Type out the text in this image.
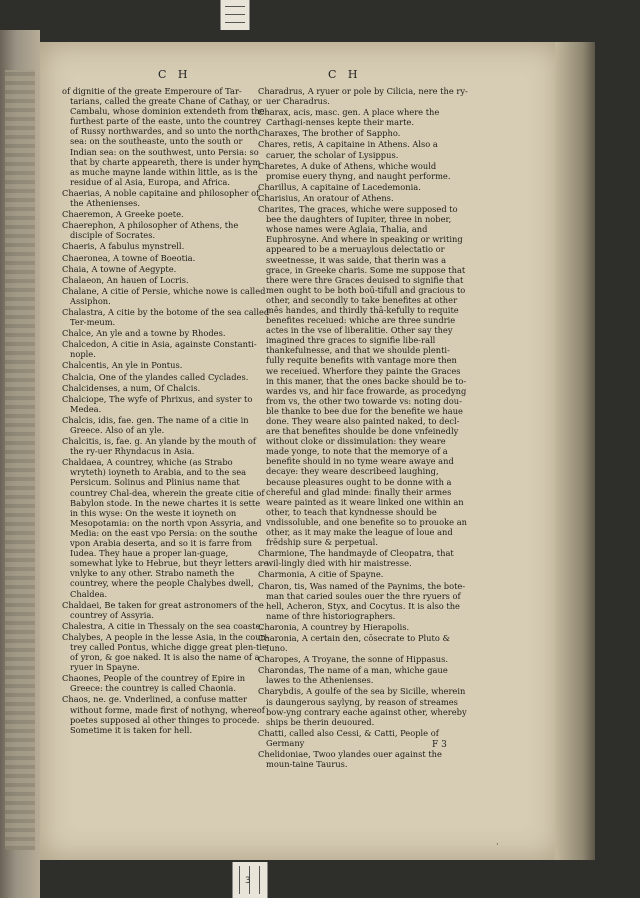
C H	C H
of dignitie of the greate Emperoure of Tar-tarians, called the greate Chane of Cathay, or Cambalu, whose dominion extendeth from the furthest parte of the easte, unto the countrey of Russy northwardes, and so unto the north sea: on the southeaste, unto the south or Indian sea: on the southwest, unto Persia: so that by charte appeareth, there is under hym as muche mayne lande within little, as is the residue of al Asia, Europa, and Africa.
Chaerias, A noble capitaine and philosopher of the Athenienses.
Chaeremon, A Greeke poete.
Chaerephon, A philosopher of Athens, the disciple of Socrates.
Chaeris, A fabulus mynstrell.
Chaeronea, A towne of Boeotia.
Chaia, A towne of Aegypte.
Chalaeon, An hauen of Locris.
Chalane, A citie of Persie, whiche nowe is called Assiphon.
Chalastra, A citie by the botome of the sea called Ter-meum.
Chalce, An yle and a towne by Rhodes.
Chalcedon, A citie in Asia, againste Constanti-nople.
Chalcentis, An yle in Pontus.
Chalcia, One of the ylandes called Cyclades.
Chalcidenses, a num, Of Chalcis.
Chalciope, The wyfe of Phrixus, and syster to Medea.
Chalcis, idis, fae. gen. The name of a citie in Greece. Also of an yle.
Chalcitis, is, fae. g. An ylande by the mouth of the ry-uer Rhyndacus in Asia.
Chaldaea, A countrey, whiche (as Strabo wryteth) ioyneth to Arabia, and to the sea Persicum. Solinus and Plinius name that countrey Chal-dea, wherein the greate citie of Babylon stode. In the newe chartes it is sette in this wyse: On the weste it ioyneth on Mesopotamia: on the north vpon Assyria, and Media: on the east vpo Persia: on the southe vpon Arabia deserta, and so it is farre from Iudea. They haue a proper lan-guage, somewhat lyke to Hebrue, but theyr letters are vnlyke to any other. Strabo nameth the countrey, where the people Chalybes dwell, Chaldea.
Chaldaei, Be taken for great astronomers of the countrey of Assyria.
Chalestra, A citie in Thessaly on the sea coaste.
Chalybes, A people in the lesse Asia, in the coun-trey called Pontus, whiche digge great plen-tie of yron, & goe naked. It is also the name of a ryuer in Spayne.
Chaones, People of the countrey of Epire in Greece: the countrey is called Chaonia.
Chaos, ne. ge. Vnderlined, a confuse matter without forme, made first of nothyng, whereof poetes supposed al other thinges to procede. Sometime it is taken for hell.
Charadrus, A ryuer or pole by Cilicia, nere the ry-uer Charadrus.
Charax, acis, masc. gen. A place where the Carthagi-nenses kepte their marte.
Charaxes, The brother of Sappho.
Chares, retis, A capitaine in Athens. Also a caruer, the scholar of Lysippus.
Charetes, A duke of Athens, whiche would promise euery thyng, and naught performe.
Charillus, A capitaine of Lacedemonia.
Charisius, An oratour of Athens.
Charites, The graces, whiche were supposed to bee the daughters of Iupiter, three in nober, whose names were Aglaia, Thalia, and Euphrosyne. And where in speaking or writing appeared to be a meruaylous delectatio or sweetnesse, it was saide, that therin was a grace, in Greeke charis. Some me suppose that there were thre Graces deuised to signifie that men ought to be both boū-tifull and gracious to other, and secondly to take benefites at other mēs handes, and thirdly thā-kefully to requite benefites receiued: whiche are three sundrie actes in the vse of liberalitie. Other say they imagined thre graces to signifie libe-rall thankefulnesse, and that we shoulde plenti-fully requite benefits with vantage more then we receiued. Wherfore they painte the Graces in this maner, that the ones backe should be to-wardes vs, and hir face frowarde, as procedyng from vs, the other two towarde vs: noting dou-ble thanke to bee due for the benefite we haue done. They weare also painted naked, to decl-are that benefites shoulde be done vnfeinedly without cloke or dissimulation: they weare made yonge, to note that the memorye of a benefite should in no tyme weare awaye and decaye: they weare describeed laughing, because pleasures ought to be donne with a chereful and glad minde: finally their armes weare painted as it weare linked one within an other, to teach that kyndnesse should be vndissoluble, and one benefite so to prouoke an other, as it may make the league of loue and frēdship sure & perpetual.
Charmione, The handmayde of Cleopatra, that wil-lingly died with hir maistresse.
Charmonia, A citie of Spayne.
Charon, tis, Was named of the Paynims, the bote-man that caried soules ouer the thre ryuers of hell, Acheron, Styx, and Cocytus. It is also the name of thre historiographers.
Charonia, A countrey by Hierapolis.
Charonia, A certain den, cōsecrate to Pluto & Iuno.
Charopes, A Troyane, the sonne of Hippasus.
Charondas, The name of a man, whiche gaue lawes to the Athenienses.
Charybdis, A goulfe of the sea by Sicille, wherein is daungerous saylyng, by reason of streames bow-yng contrary eache against other, whereby ships be therin deuoured.
Chatti, called also Cessi, & Catti, People of Germany
Chelidoniae, Twoo ylandes ouer against the moun-taine Taurus.
F 3
·
3
